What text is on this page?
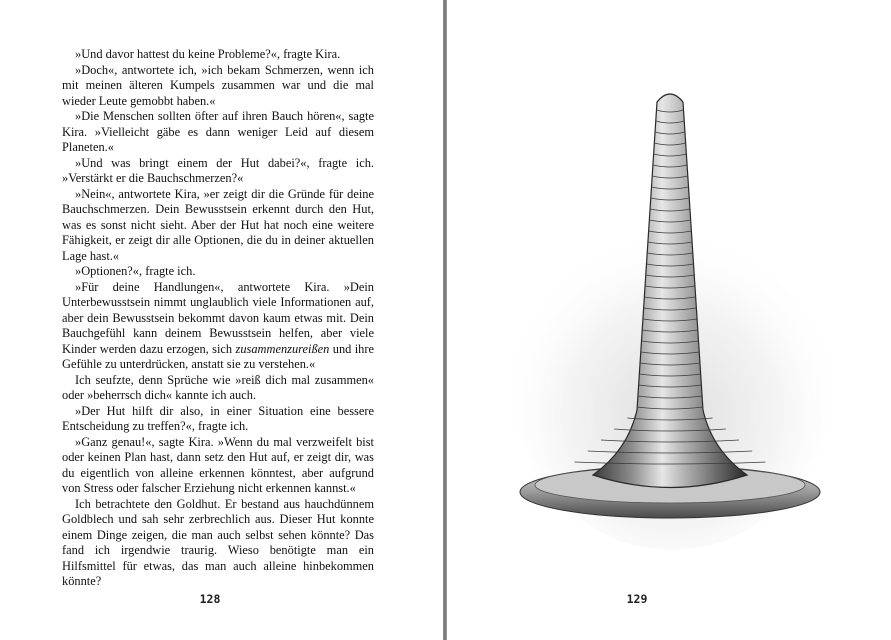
»Und davor hattest du keine Probleme?«, fragte Kira.

»Doch«, antwortete ich, »ich bekam Schmerzen, wenn ich mit meinen älteren Kumpels zusammen war und die mal wieder Leute gemobbt haben.«

»Die Menschen sollten öfter auf ihren Bauch hören«, sagte Kira. »Vielleicht gäbe es dann weniger Leid auf diesem Planeten.«

»Und was bringt einem der Hut dabei?«, fragte ich. »Verstärkt er die Bauchschmerzen?«

»Nein«, antwortete Kira, »er zeigt dir die Gründe für deine Bauchschmerzen. Dein Bewusstsein erkennt durch den Hut, was es sonst nicht sieht. Aber der Hut hat noch eine weitere Fähigkeit, er zeigt dir alle Optionen, die du in deiner aktuellen Lage hast.«

»Optionen?«, fragte ich.

»Für deine Handlungen«, antwortete Kira. »Dein Unterbewusstsein nimmt unglaublich viele Informationen auf, aber dein Bewusstsein bekommt davon kaum etwas mit. Dein Bauchgefühl kann deinem Bewusstsein helfen, aber viele Kinder werden dazu erzogen, sich zusammenzureißen und ihre Gefühle zu unterdrücken, anstatt sie zu verstehen.«

Ich seufzte, denn Sprüche wie »reiß dich mal zusammen« oder »beherrsch dich« kannte ich auch.

»Der Hut hilft dir also, in einer Situation eine bessere Entscheidung zu treffen?«, fragte ich.

»Ganz genau!«, sagte Kira. »Wenn du mal verzweifelt bist oder keinen Plan hast, dann setz den Hut auf, er zeigt dir, was du eigentlich von alleine erkennen könntest, aber aufgrund von Stress oder falscher Erziehung nicht erkennen kannst.«

Ich betrachtete den Goldhut. Er bestand aus hauchdünnem Goldblech und sah sehr zerbrechlich aus. Dieser Hut konnte einem Dinge zeigen, die man auch selbst sehen könnte? Das fand ich irgendwie traurig. Wieso benötigte man ein Hilfsmittel für etwas, das man auch alleine hinbekommen könnte?

128	129
